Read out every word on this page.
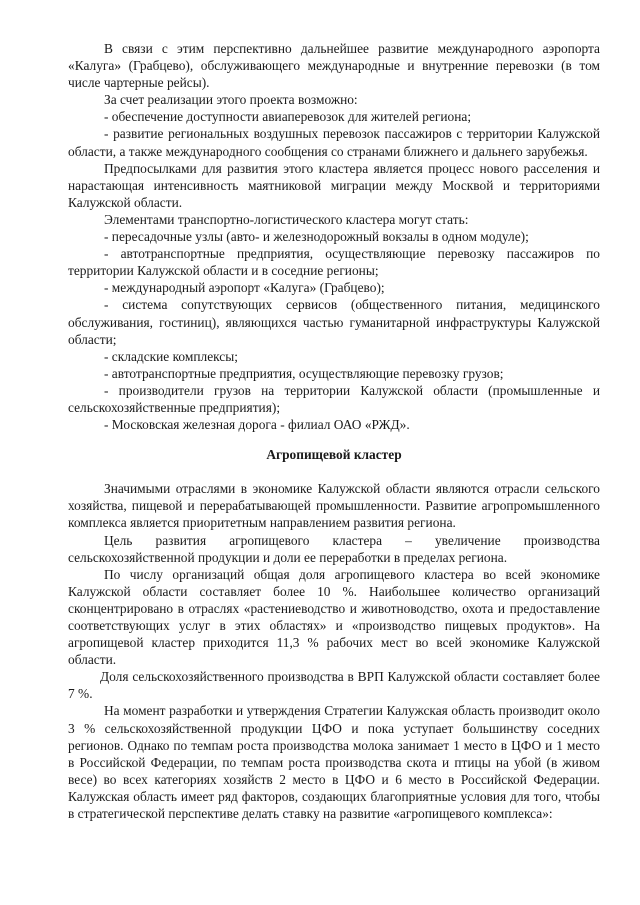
В связи с этим перспективно дальнейшее развитие международного аэропорта «Калуга» (Грабцево), обслуживающего международные и внутренние перевозки (в том числе чартерные рейсы).

За счет реализации этого проекта возможно:

- обеспечение доступности авиаперевозок для жителей региона;

- развитие региональных воздушных перевозок пассажиров с территории Калужской области, а также международного сообщения со странами ближнего и дальнего зарубежья.

Предпосылками для развития этого кластера является процесс нового расселения и нарастающая интенсивность маятниковой миграции между Москвой и территориями Калужской области.

Элементами транспортно-логистического кластера могут стать:

- пересадочные узлы (авто- и железнодорожный вокзалы в одном модуле);

- автотранспортные предприятия, осуществляющие перевозку пассажиров по территории Калужской области и в соседние регионы;

- международный аэропорт «Калуга» (Грабцево);

- система сопутствующих сервисов (общественного питания, медицинского обслуживания, гостиниц), являющихся частью гуманитарной инфраструктуры Калужской области;

- складские комплексы;

- автотранспортные предприятия, осуществляющие перевозку грузов;

- производители грузов на территории Калужской области (промышленные и сельскохозяйственные предприятия);

- Московская железная дорога - филиал ОАО «РЖД».

Агропищевой кластер

Значимыми отраслями в экономике Калужской области являются отрасли сельского хозяйства, пищевой и перерабатывающей промышленности. Развитие агропромышленного комплекса является приоритетным направлением развития региона.

Цель развития агропищевого кластера – увеличение производства сельскохозяйственной продукции и доли ее переработки в пределах региона.

По числу организаций общая доля агропищевого кластера во всей экономике Калужской области составляет более 10 %. Наибольшее количество организаций сконцентрировано в отраслях «растениеводство и животноводство, охота и предоставление соответствующих услуг в этих областях» и «производство пищевых продуктов». На агропищевой кластер приходится 11,3 % рабочих мест во всей экономике Калужской области.

Доля сельскохозяйственного производства в ВРП Калужской области составляет более 7 %.

На момент разработки и утверждения Стратегии Калужская область производит около 3 % сельскохозяйственной продукции ЦФО и пока уступает большинству соседних регионов. Однако по темпам роста производства молока занимает 1 место в ЦФО и 1 место в Российской Федерации, по темпам роста производства скота и птицы на убой (в живом весе) во всех категориях хозяйств 2 место в ЦФО и 6 место в Российской Федерации. Калужская область имеет ряд факторов, создающих благоприятные условия для того, чтобы в стратегической перспективе делать ставку на развитие «агропищевого комплекса»:
